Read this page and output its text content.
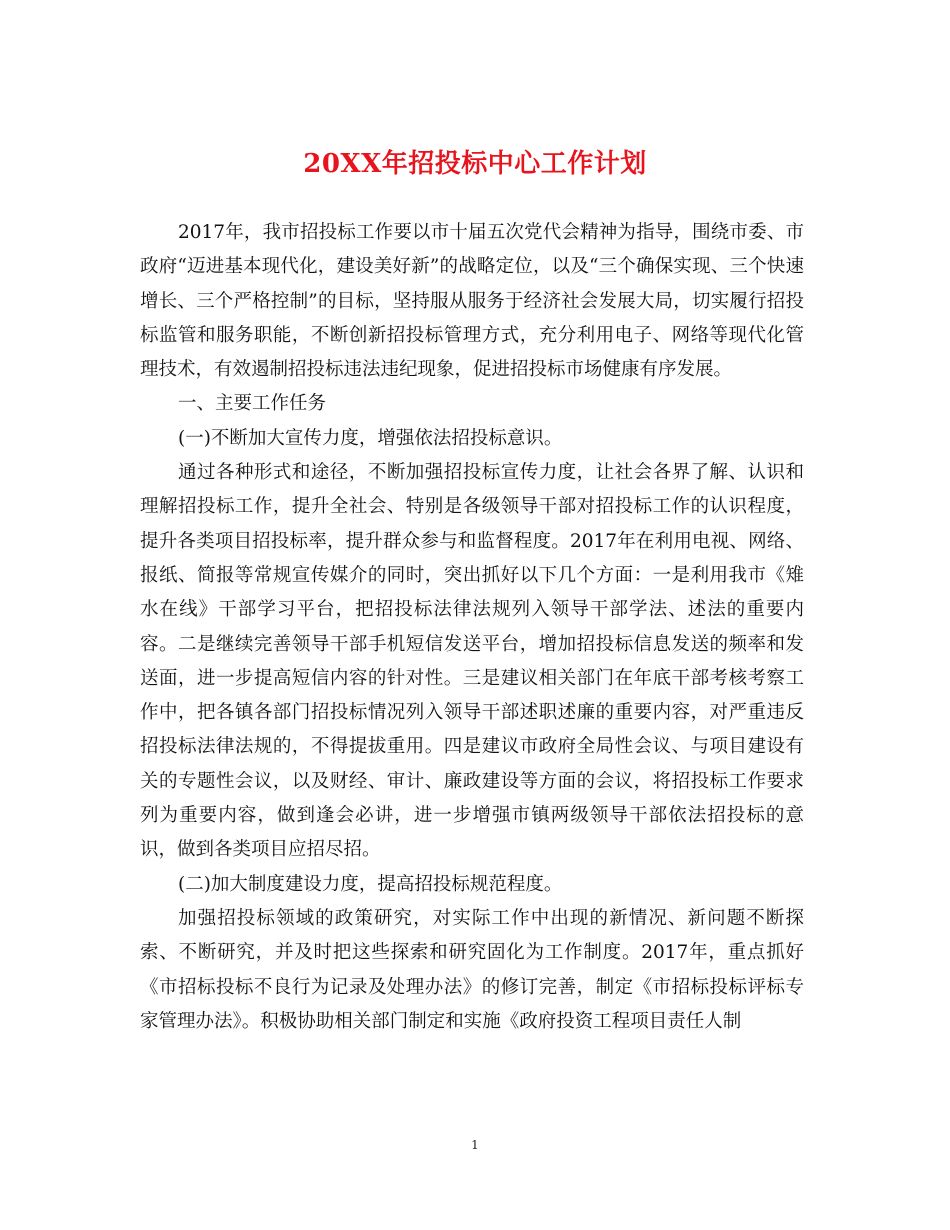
20XX年招投标中心工作计划

2017年，我市招投标工作要以市十届五次党代会精神为指导，围绕市委、市政府“迈进基本现代化，建设美好新”的战略定位，以及“三个确保实现、三个快速增长、三个严格控制”的目标，坚持服从服务于经济社会发展大局，切实履行招投标监管和服务职能，不断创新招投标管理方式，充分利用电子、网络等现代化管理技术，有效遏制招投标违法违纪现象，促进招投标市场健康有序发展。

一、主要工作任务

(一)不断加大宣传力度，增强依法招投标意识。

通过各种形式和途径，不断加强招投标宣传力度，让社会各界了解、认识和理解招投标工作，提升全社会、特别是各级领导干部对招投标工作的认识程度，提升各类项目招投标率，提升群众参与和监督程度。2017年在利用电视、网络、报纸、简报等常规宣传媒介的同时，突出抓好以下几个方面：一是利用我市《雉水在线》干部学习平台，把招投标法律法规列入领导干部学法、述法的重要内容。二是继续完善领导干部手机短信发送平台，增加招投标信息发送的频率和发送面，进一步提高短信内容的针对性。三是建议相关部门在年底干部考核考察工作中，把各镇各部门招投标情况列入领导干部述职述廉的重要内容，对严重违反招投标法律法规的，不得提拔重用。四是建议市政府全局性会议、与项目建设有关的专题性会议，以及财经、审计、廉政建设等方面的会议，将招投标工作要求列为重要内容，做到逢会必讲，进一步增强市镇两级领导干部依法招投标的意识，做到各类项目应招尽招。

(二)加大制度建设力度，提高招投标规范程度。

加强招投标领域的政策研究，对实际工作中出现的新情况、新问题不断探索、不断研究，并及时把这些探索和研究固化为工作制度。2017年，重点抓好《市招标投标不良行为记录及处理办法》的修订完善，制定《市招标投标评标专家管理办法》。积极协助相关部门制定和实施《政府投资工程项目责任人制

1
